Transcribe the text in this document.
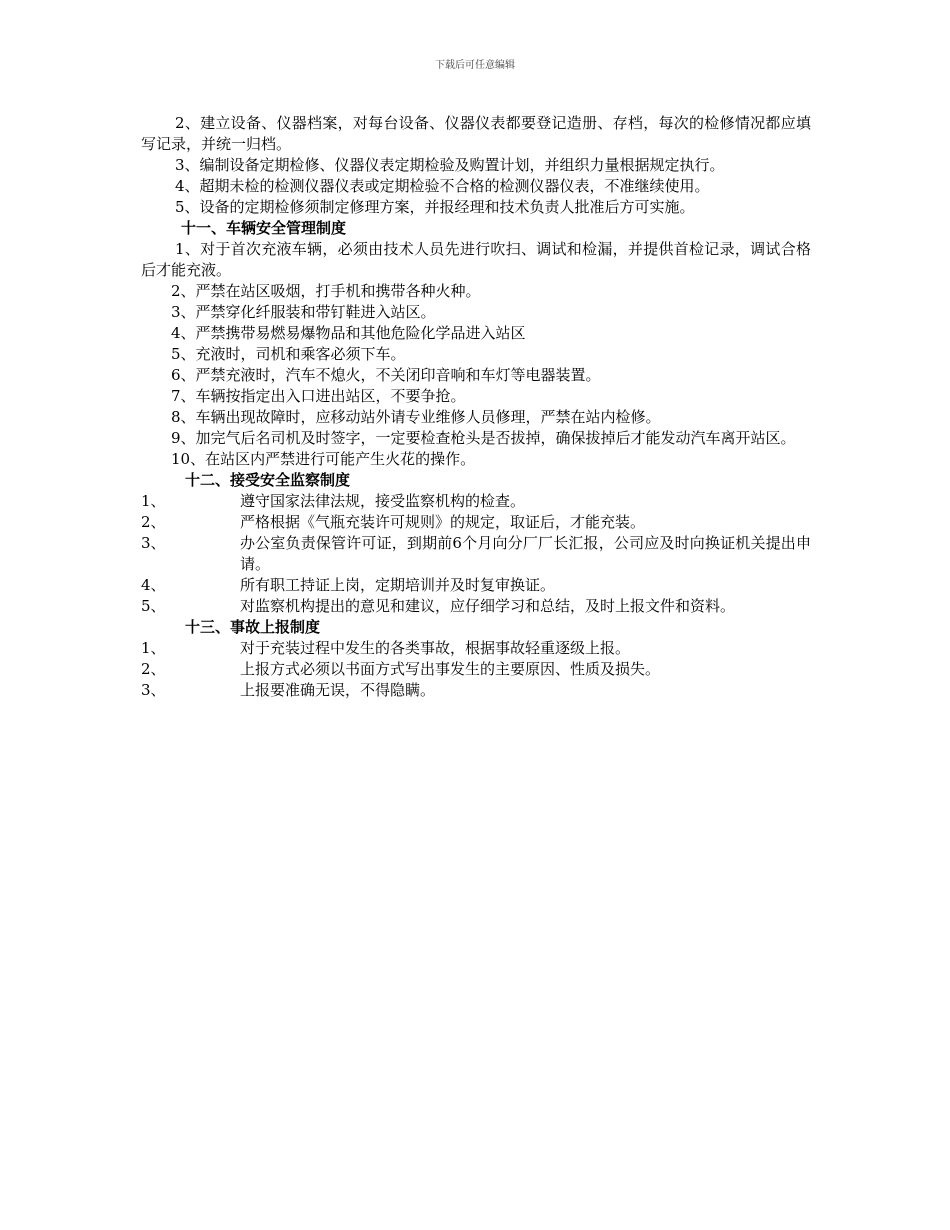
下载后可任意编辑

2、建立设备、仪器档案，对每台设备、仪器仪表都要登记造册、存档，每次的检修情况都应填写记录，并统一归档。

3、编制设备定期检修、仪器仪表定期检验及购置计划，并组织力量根据规定执行。

4、超期未检的检测仪器仪表或定期检验不合格的检测仪器仪表，不准继续使用。

5、设备的定期检修须制定修理方案，并报经理和技术负责人批准后方可实施。

十一、车辆安全管理制度

1、对于首次充液车辆，必须由技术人员先进行吹扫、调试和检漏，并提供首检记录，调试合格后才能充液。

2、严禁在站区吸烟，打手机和携带各种火种。

3、严禁穿化纤服装和带钉鞋进入站区。

4、严禁携带易燃易爆物品和其他危险化学品进入站区

5、充液时，司机和乘客必须下车。

6、严禁充液时，汽车不熄火，不关闭印音响和车灯等电器装置。

7、车辆按指定出入口进出站区，不要争抢。

8、车辆出现故障时，应移动站外请专业维修人员修理，严禁在站内检修。

9、加完气后名司机及时签字，一定要检查枪头是否拔掉，确保拔掉后才能发动汽车离开站区。

10、在站区内严禁进行可能产生火花的操作。

十二、接受安全监察制度

1、	遵守国家法律法规，接受监察机构的检查。
2、	严格根据《气瓶充装许可规则》的规定，取证后，才能充装。
3、	办公室负责保管许可证，到期前6个月向分厂厂长汇报，公司应及时向换证机关提出申请。
4、	所有职工持证上岗，定期培训并及时复审换证。
5、	对监察机构提出的意见和建议，应仔细学习和总结，及时上报文件和资料。

十三、事故上报制度

1、	对于充装过程中发生的各类事故，根据事故轻重逐级上报。
2、	上报方式必须以书面方式写出事发生的主要原因、性质及损失。
3、	上报要准确无误，不得隐瞒。
